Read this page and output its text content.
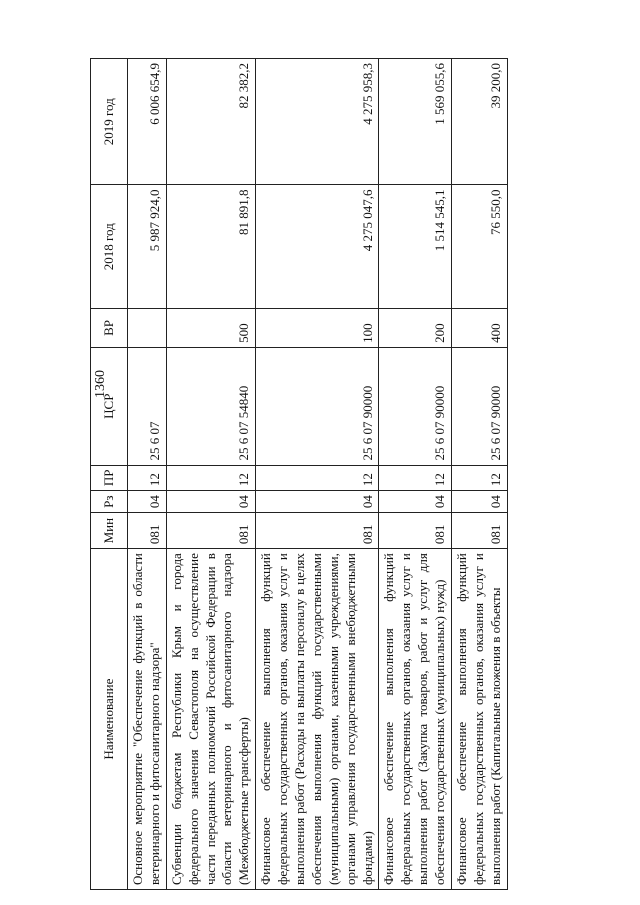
1360
Наименование	Мин	Рз	ПР	ЦСР	ВР	2018 год	2019 год
Основное мероприятие "Обеспечение функций в области ветеринарного и фитосанитарного надзора"	081	04	12	25 6 07		5 987 924,0	6 006 654,9
Субвенции бюджетам Республики Крым и города федерального значения Севастополя на осуществление части переданных полномочий Российской Федерации в области ветеринарного и фитосанитарного надзора (Межбюджетные трансферты)	081	04	12	25 6 07 54840	500	81 891,8	82 382,2
Финансовое обеспечение выполнения функций федеральных государственных органов, оказания услуг и выполнения работ (Расходы на выплаты персоналу в целях обеспечения выполнения функций государственными (муниципальными) органами, казенными учреждениями, органами управления государственными внебюджетными фондами)	081	04	12	25 6 07 90000	100	4 275 047,6	4 275 958,3
Финансовое обеспечение выполнения функций федеральных государственных органов, оказания услуг и выполнения работ (Закупка товаров, работ и услуг для обеспечения государственных (муниципальных) нужд)	081	04	12	25 6 07 90000	200	1 514 545,1	1 569 055,6
Финансовое обеспечение выполнения функций федеральных государственных органов, оказания услуг и выполнения работ (Капитальные вложения в объекты	081	04	12	25 6 07 90000	400	76 550,0	39 200,0
